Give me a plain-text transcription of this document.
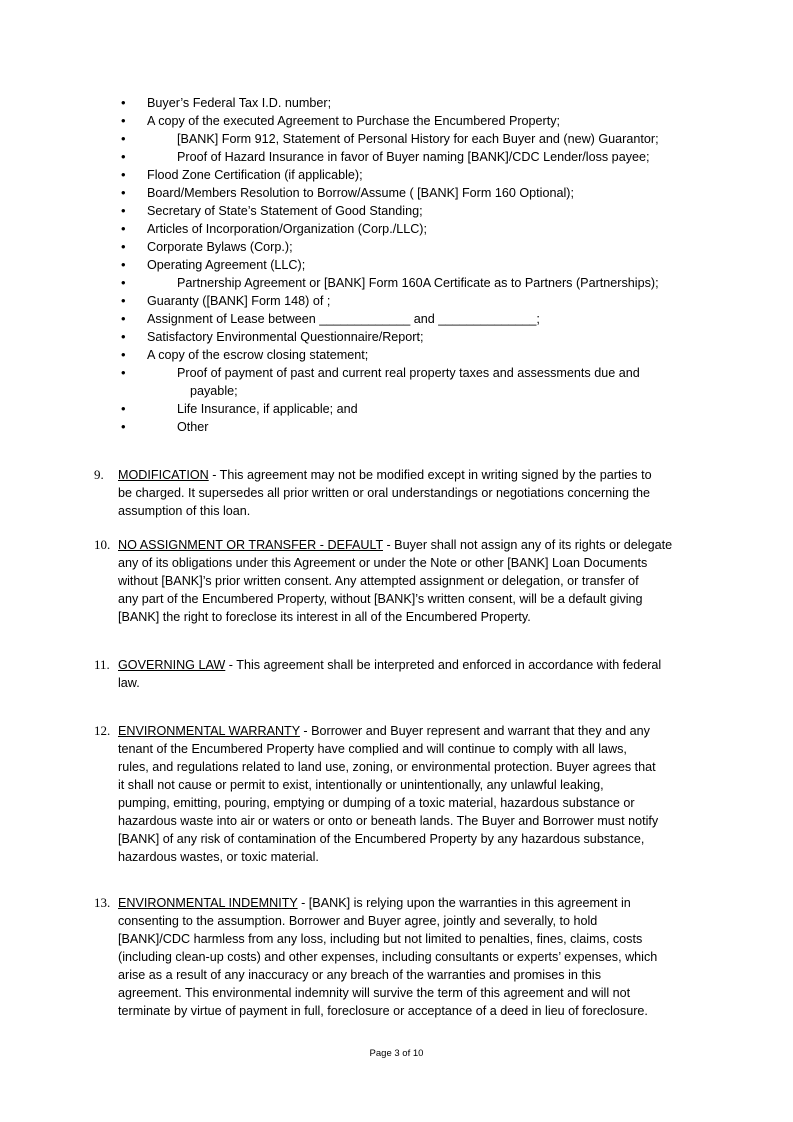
• Buyer’s Federal Tax I.D. number;
• A copy of the executed Agreement to Purchase the Encumbered Property;
•	[BANK] Form 912, Statement of Personal History for each Buyer and (new) Guarantor;
•	Proof of Hazard Insurance in favor of Buyer naming [BANK]/CDC Lender/loss payee;
• Flood Zone Certification (if applicable);
• Board/Members Resolution to Borrow/Assume ( [BANK] Form 160 Optional);
• Secretary of State’s Statement of Good Standing;
• Articles of Incorporation/Organization (Corp./LLC);
• Corporate Bylaws (Corp.);
• Operating Agreement (LLC);
•	Partnership Agreement or [BANK] Form 160A Certificate as to Partners (Partnerships);
• Guaranty ([BANK] Form 148) of ;
• Assignment of Lease between _____________ and ______________;
• Satisfactory Environmental Questionnaire/Report;
• A copy of the escrow closing statement;
•	Proof of payment of past and current real property taxes and assessments due and
payable;
•	Life Insurance, if applicable; and
•	Other
9. MODIFICATION - This agreement may not be modified except in writing signed by the parties to
be charged. It supersedes all prior written or oral understandings or negotiations concerning the
assumption of this loan.
10. NO ASSIGNMENT OR TRANSFER - DEFAULT - Buyer shall not assign any of its rights or delegate
any of its obligations under this Agreement or under the Note or other [BANK] Loan Documents
without [BANK]’s prior written consent. Any attempted assignment or delegation, or transfer of
any part of the Encumbered Property, without [BANK]’s written consent, will be a default giving
[BANK] the right to foreclose its interest in all of the Encumbered Property.
11. GOVERNING LAW - This agreement shall be interpreted and enforced in accordance with federal
law.
12. ENVIRONMENTAL WARRANTY - Borrower and Buyer represent and warrant that they and any
tenant of the Encumbered Property have complied and will continue to comply with all laws,
rules, and regulations related to land use, zoning, or environmental protection. Buyer agrees that
it shall not cause or permit to exist, intentionally or unintentionally, any unlawful leaking,
pumping, emitting, pouring, emptying or dumping of a toxic material, hazardous substance or
hazardous waste into air or waters or onto or beneath lands. The Buyer and Borrower must notify
[BANK] of any risk of contamination of the Encumbered Property by any hazardous substance,
hazardous wastes, or toxic material.
13. ENVIRONMENTAL INDEMNITY - [BANK] is relying upon the warranties in this agreement in
consenting to the assumption. Borrower and Buyer agree, jointly and severally, to hold
[BANK]/CDC harmless from any loss, including but not limited to penalties, fines, claims, costs
(including clean-up costs) and other expenses, including consultants or experts’ expenses, which
arise as a result of any inaccuracy or any breach of the warranties and promises in this
agreement. This environmental indemnity will survive the term of this agreement and will not
terminate by virtue of payment in full, foreclosure or acceptance of a deed in lieu of foreclosure.
Page 3 of 10
